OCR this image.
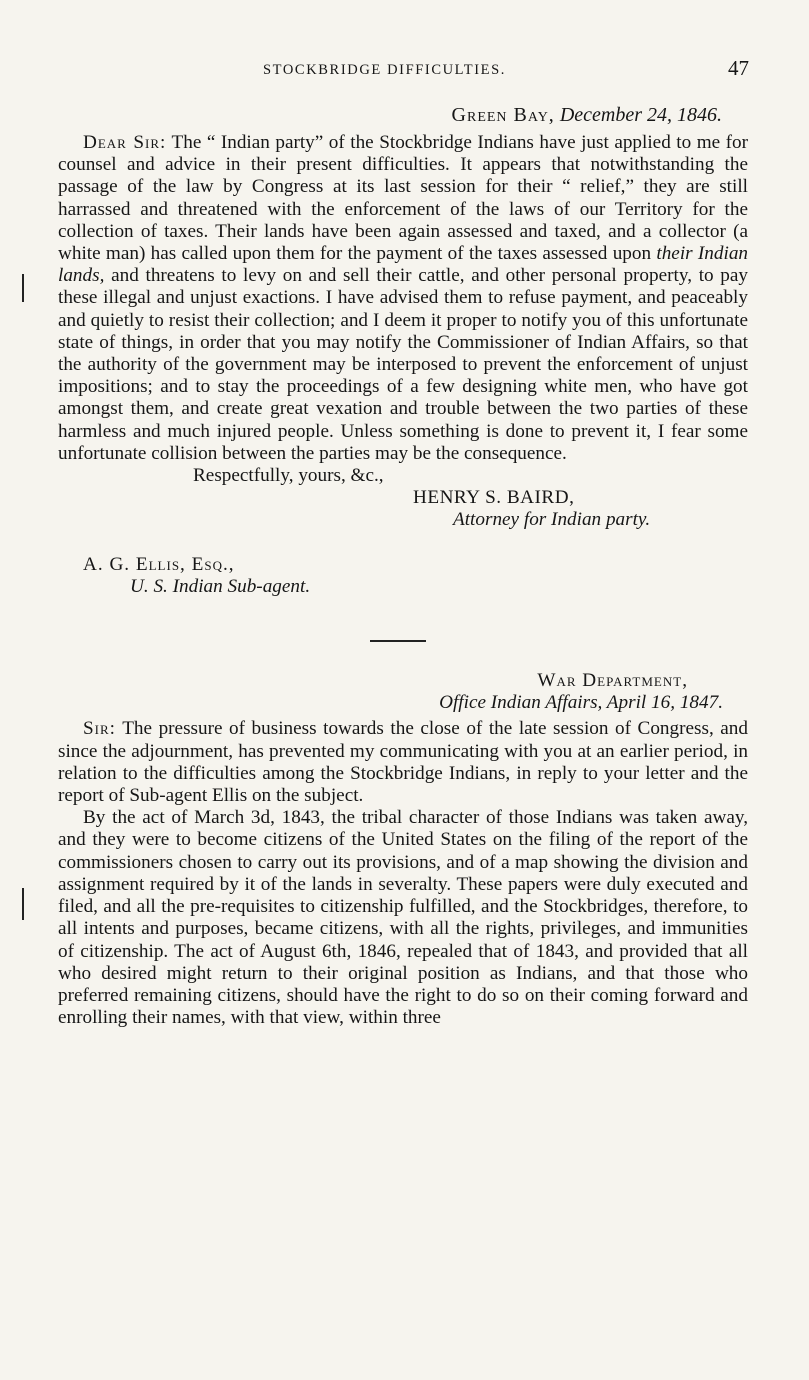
STOCKBRIDGE DIFFICULTIES.	47
Green Bay, December 24, 1846.

Dear Sir: The “ Indian party” of the Stockbridge Indians have just applied to me for counsel and advice in their present difficulties. It appears that notwithstanding the passage of the law by Congress at its last session for their “ relief,” they are still harrassed and threatened with the enforcement of the laws of our Territory for the collection of taxes. Their lands have been again assessed and taxed, and a collector (a white man) has called upon them for the payment of the taxes assessed upon their Indian lands, and threatens to levy on and sell their cattle, and other personal property, to pay these illegal and unjust exactions. I have advised them to refuse payment, and peaceably and quietly to resist their collection; and I deem it proper to notify you of this unfortunate state of things, in order that you may notify the Commissioner of Indian Affairs, so that the authority of the government may be interposed to prevent the enforcement of unjust impositions; and to stay the proceedings of a few designing white men, who have got amongst them, and create great vexation and trouble between the two parties of these harmless and much injured people. Unless something is done to prevent it, I fear some unfortunate collision between the parties may be the consequence.

Respectfully, yours, &c.,
HENRY S. BAIRD,
Attorney for Indian party.
A. G. Ellis, Esq.,
U. S. Indian Sub-agent.
War Department,
Office Indian Affairs, April 16, 1847.

Sir: The pressure of business towards the close of the late session of Congress, and since the adjournment, has prevented my communicating with you at an earlier period, in relation to the difficulties among the Stockbridge Indians, in reply to your letter and the report of Sub-agent Ellis on the subject.

By the act of March 3d, 1843, the tribal character of those Indians was taken away, and they were to become citizens of the United States on the filing of the report of the commissioners chosen to carry out its provisions, and of a map showing the division and assignment required by it of the lands in severalty. These papers were duly executed and filed, and all the pre-requisites to citizenship fulfilled, and the Stockbridges, therefore, to all intents and purposes, became citizens, with all the rights, privileges, and immunities of citizenship. The act of August 6th, 1846, repealed that of 1843, and provided that all who desired might return to their original position as Indians, and that those who preferred remaining citizens, should have the right to do so on their coming forward and enrolling their names, with that view, within three
